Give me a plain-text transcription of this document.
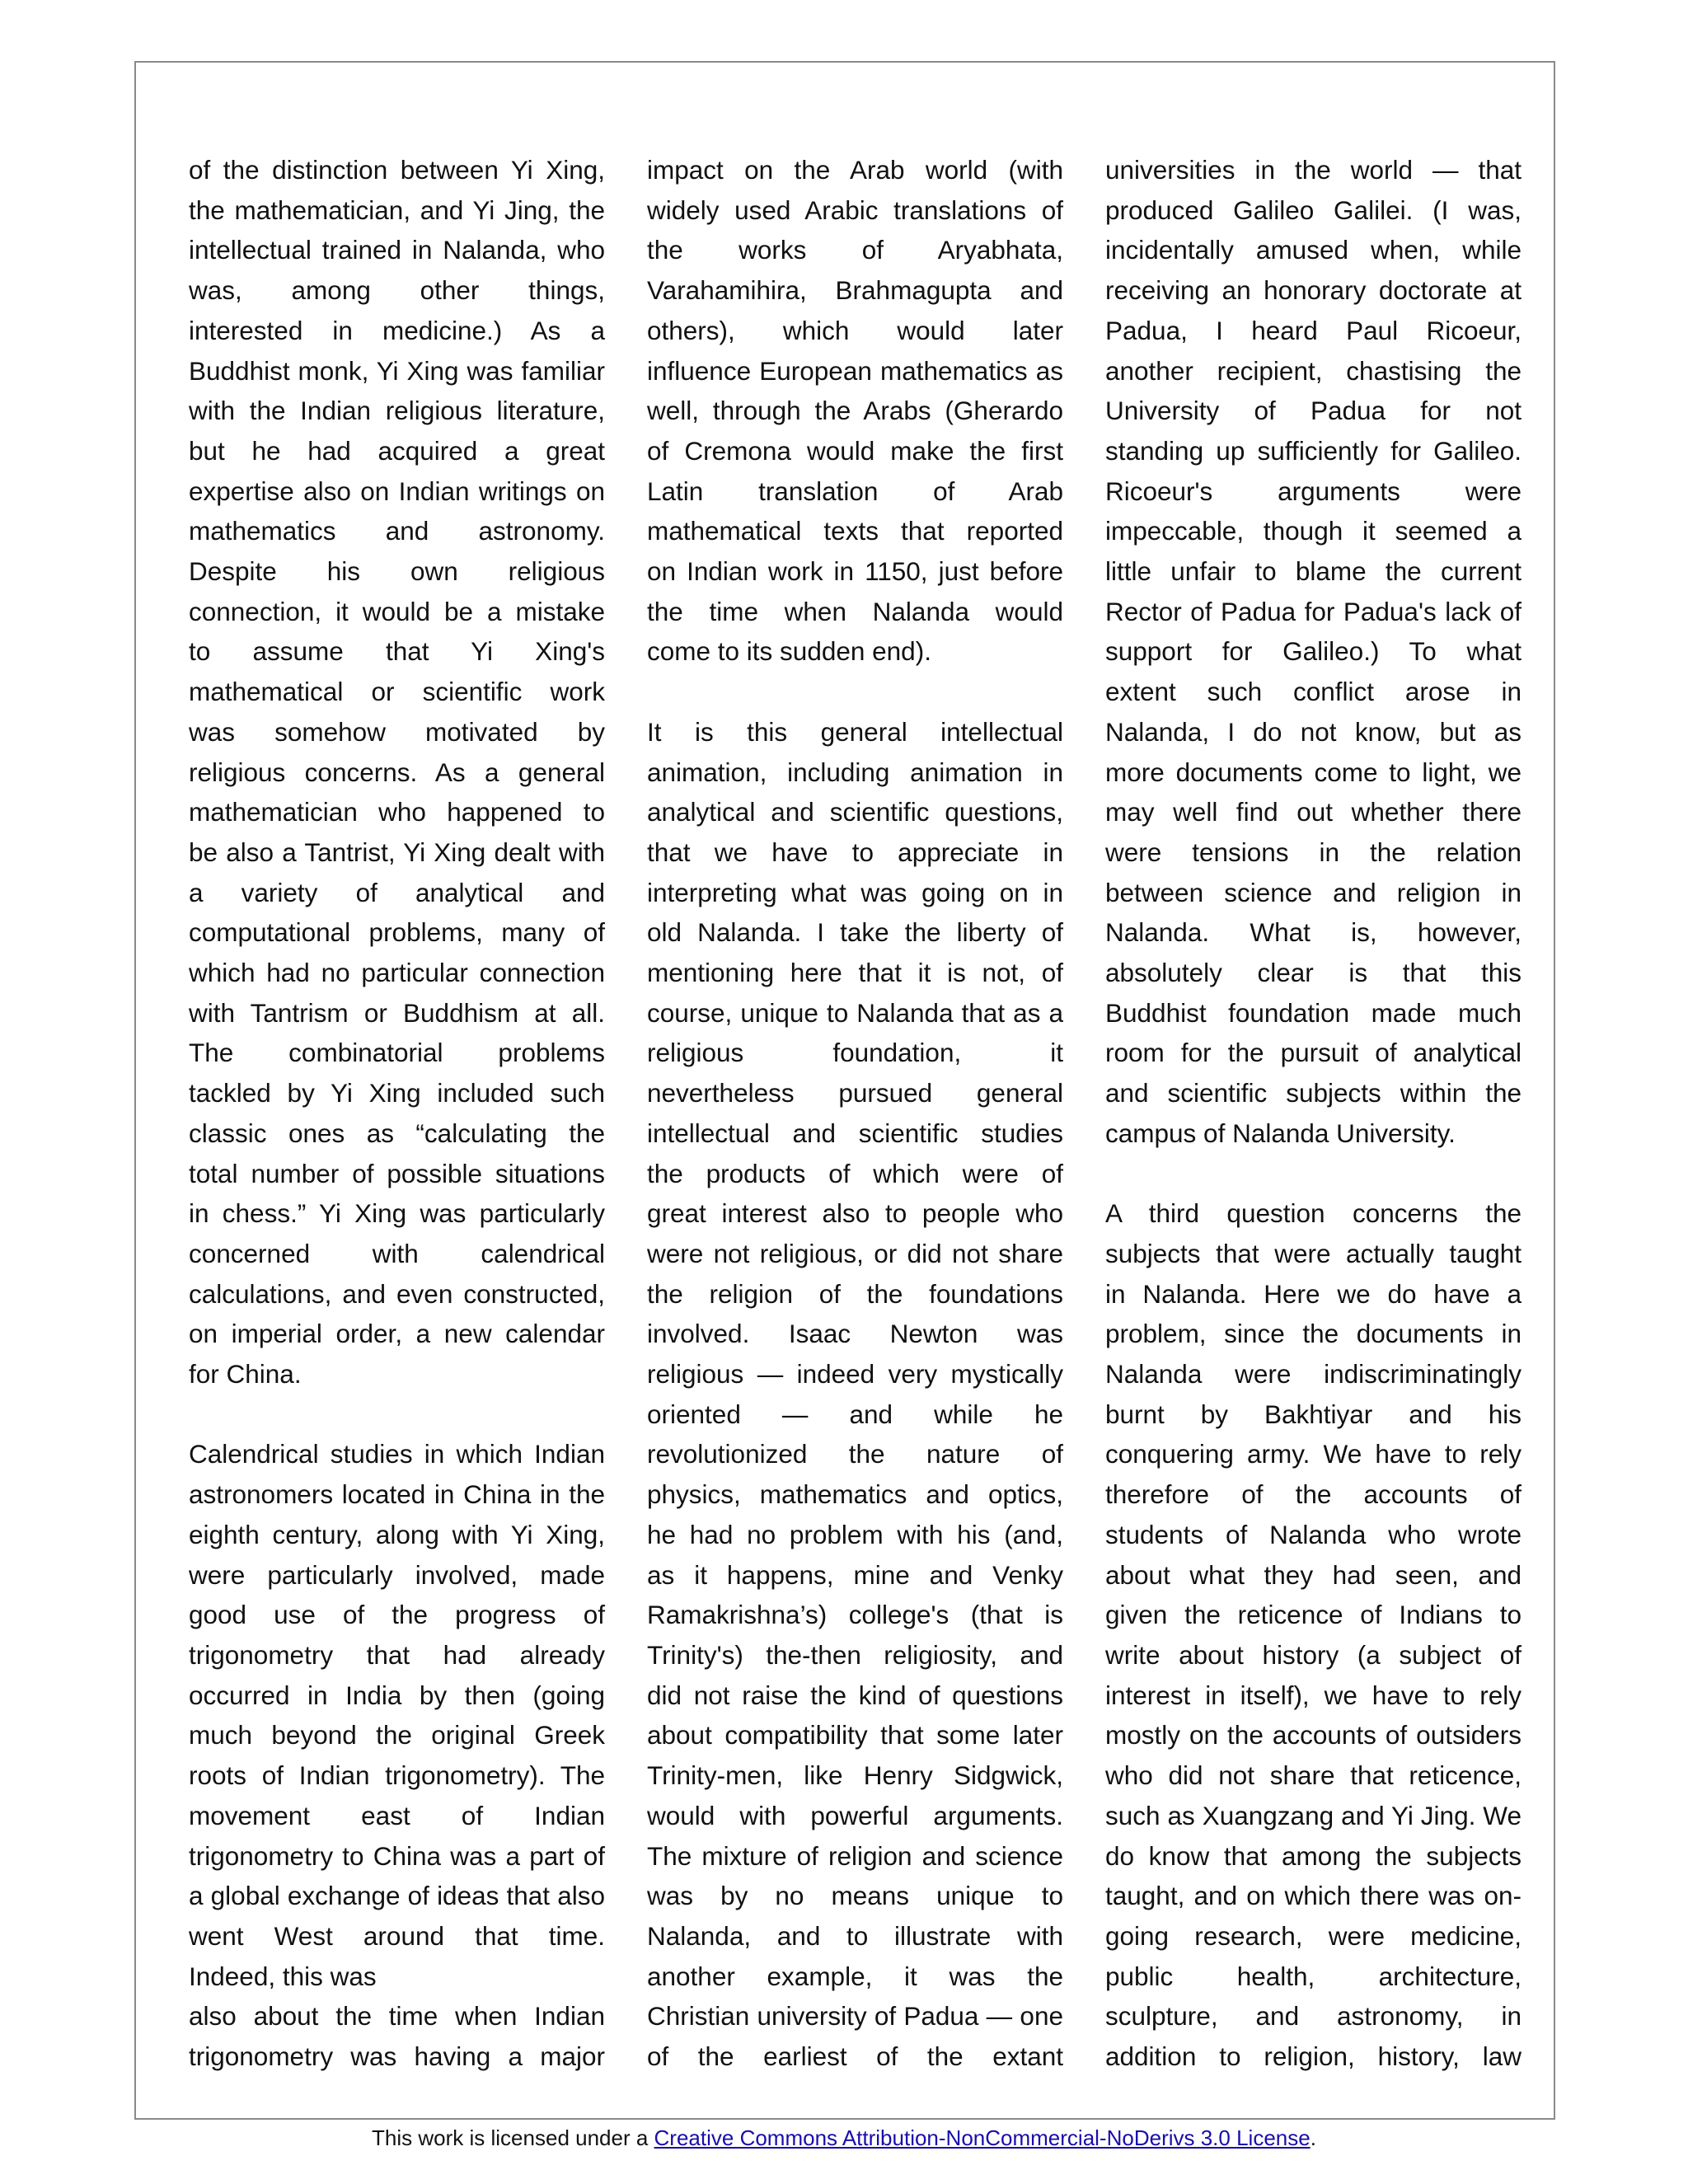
of the distinction between Yi Xing,
the mathematician, and Yi Jing, the
intellectual trained in Nalanda, who
was, among other things,
interested in medicine.) As a
Buddhist monk, Yi Xing was familiar
with the Indian religious literature,
but he had acquired a great
expertise also on Indian writings on
mathematics and astronomy.
Despite his own religious
connection, it would be a mistake
to assume that Yi Xing's
mathematical or scientific work
was somehow motivated by
religious concerns. As a general
mathematician who happened to
be also a Tantrist, Yi Xing dealt with
a variety of analytical and
computational problems, many of
which had no particular connection
with Tantrism or Buddhism at all.
The combinatorial problems
tackled by Yi Xing included such
classic ones as “calculating the
total number of possible situations
in chess.” Yi Xing was particularly
concerned with calendrical
calculations, and even constructed,
on imperial order, a new calendar
for China.
Calendrical studies in which Indian
astronomers located in China in the
eighth century, along with Yi Xing,
were particularly involved, made
good use of the progress of
trigonometry that had already
occurred in India by then (going
much beyond the original Greek
roots of Indian trigonometry). The
movement east of Indian
trigonometry to China was a part of
a global exchange of ideas that also
went West around that time.
Indeed, this was
also about the time when Indian
trigonometry was having a major
impact on the Arab world (with
widely used Arabic translations of
the works of Aryabhata,
Varahamihira, Brahmagupta and
others), which would later
influence European mathematics as
well, through the Arabs (Gherardo
of Cremona would make the first
Latin translation of Arab
mathematical texts that reported
on Indian work in 1150, just before
the time when Nalanda would
come to its sudden end).
It is this general intellectual
animation, including animation in
analytical and scientific questions,
that we have to appreciate in
interpreting what was going on in
old Nalanda. I take the liberty of
mentioning here that it is not, of
course, unique to Nalanda that as a
religious foundation, it
nevertheless pursued general
intellectual and scientific studies
the products of which were of
great interest also to people who
were not religious, or did not share
the religion of the foundations
involved. Isaac Newton was
religious — indeed very mystically
oriented — and while he
revolutionized the nature of
physics, mathematics and optics,
he had no problem with his (and,
as it happens, mine and Venky
Ramakrishna’s) college's (that is
Trinity's) the-then religiosity, and
did not raise the kind of questions
about compatibility that some later
Trinity-men, like Henry Sidgwick,
would with powerful arguments.
The mixture of religion and science
was by no means unique to
Nalanda, and to illustrate with
another example, it was the
Christian university of Padua — one
of the earliest of the extant
universities in the world — that
produced Galileo Galilei. (I was,
incidentally amused when, while
receiving an honorary doctorate at
Padua, I heard Paul Ricoeur,
another recipient, chastising the
University of Padua for not
standing up sufficiently for Galileo.
Ricoeur's arguments were
impeccable, though it seemed a
little unfair to blame the current
Rector of Padua for Padua's lack of
support for Galileo.) To what
extent such conflict arose in
Nalanda, I do not know, but as
more documents come to light, we
may well find out whether there
were tensions in the relation
between science and religion in
Nalanda. What is, however,
absolutely clear is that this
Buddhist foundation made much
room for the pursuit of analytical
and scientific subjects within the
campus of Nalanda University.
A third question concerns the
subjects that were actually taught
in Nalanda. Here we do have a
problem, since the documents in
Nalanda were indiscriminatingly
burnt by Bakhtiyar and his
conquering army. We have to rely
therefore of the accounts of
students of Nalanda who wrote
about what they had seen, and
given the reticence of Indians to
write about history (a subject of
interest in itself), we have to rely
mostly on the accounts of outsiders
who did not share that reticence,
such as Xuangzang and Yi Jing. We
do know that among the subjects
taught, and on which there was on-
going research, were medicine,
public health, architecture,
sculpture, and astronomy, in
addition to religion, history, law
This work is licensed under a Creative Commons Attribution-NonCommercial-NoDerivs 3.0 License.
